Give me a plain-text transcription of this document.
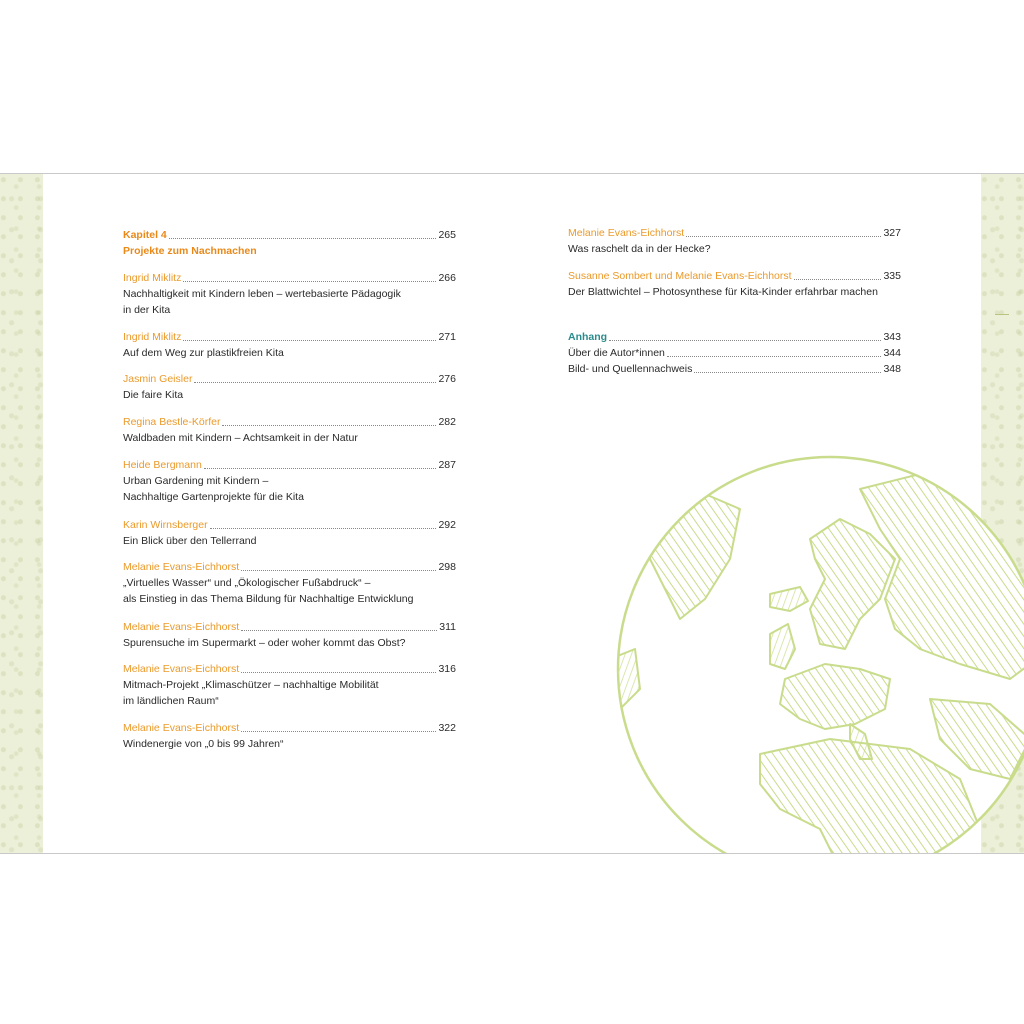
Kapitel 4	265
Projekte zum Nachmachen
Ingrid Miklitz	266
Nachhaltigkeit mit Kindern leben – wertebasierte Pädagogik
in der Kita
Ingrid Miklitz	271
Auf dem Weg zur plastikfreien Kita
Jasmin Geisler	276
Die faire Kita
Regina Bestle-Körfer	282
Waldbaden mit Kindern – Achtsamkeit in der Natur
Heide Bergmann	287
Urban Gardening mit Kindern –
Nachhaltige Gartenprojekte für die Kita
Karin Wirnsberger	292
Ein Blick über den Tellerrand
Melanie Evans-Eichhorst	298
„Virtuelles Wasser“ und „Ökologischer Fußabdruck“ –
als Einstieg in das Thema Bildung für Nachhaltige Entwicklung
Melanie Evans-Eichhorst	311
Spurensuche im Supermarkt – oder woher kommt das Obst?
Melanie Evans-Eichhorst	316
Mitmach-Projekt „Klimaschützer – nachhaltige Mobilität
im ländlichen Raum“
Melanie Evans-Eichhorst	322
Windenergie von „0 bis 99 Jahren“
Melanie Evans-Eichhorst	327
Was raschelt da in der Hecke?
Susanne Sombert und Melanie Evans-Eichhorst	335
Der Blattwichtel – Photosynthese für Kita-Kinder erfahrbar machen
Anhang	343
Über die Autor*innen	344
Bild- und Quellennachweis	348
